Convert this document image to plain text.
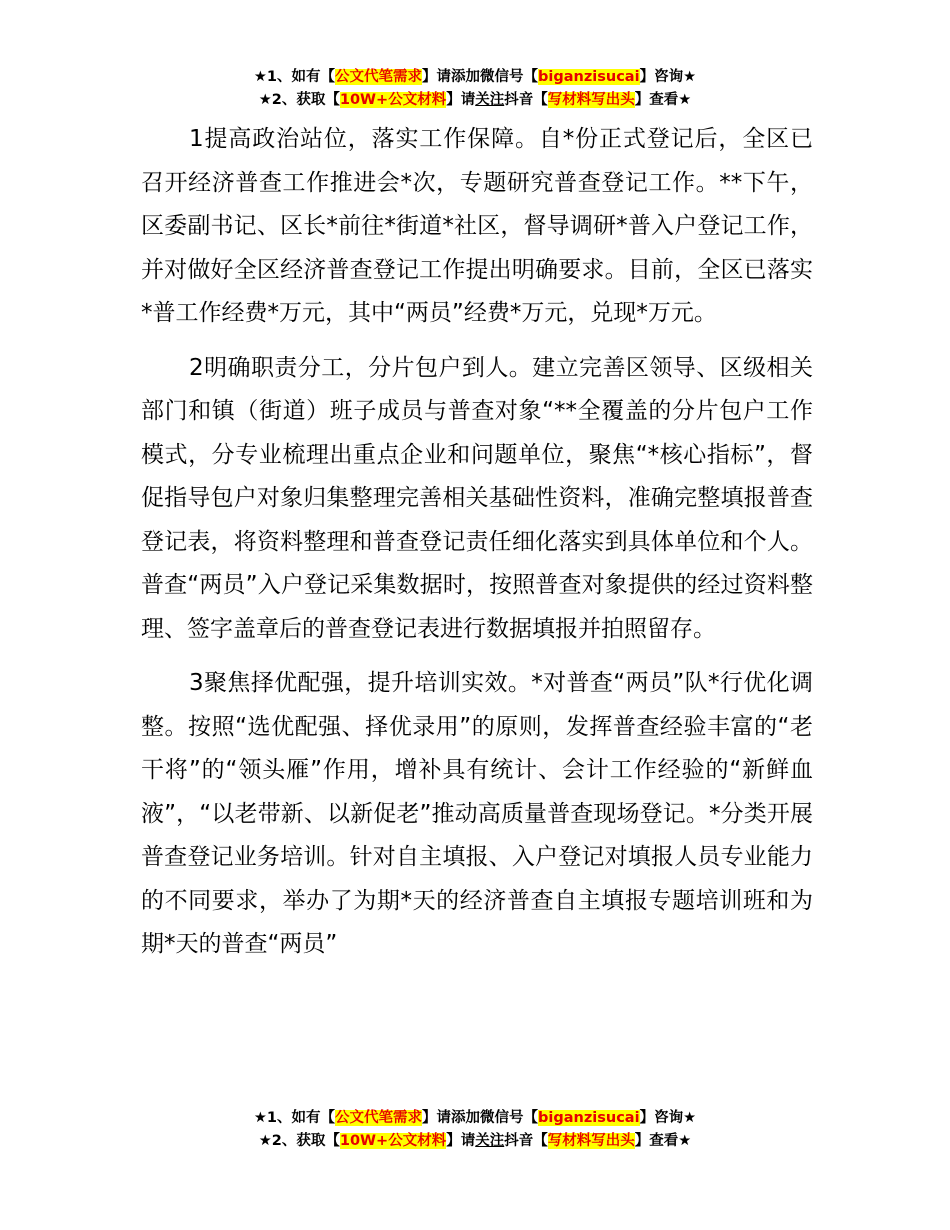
★1、如有【公文代笔需求】请添加微信号【biganzisucai】咨询★
★2、获取【10W+公文材料】请关注抖音【写材料写出头】查看★

1提高政治站位，落实工作保障。自*份正式登记后，全区已召开经济普查工作推进会*次，专题研究普查登记工作。**下午，区委副书记、区长*前往*街道*社区，督导调研*普入户登记工作，并对做好全区经济普查登记工作提出明确要求。目前，全区已落实*普工作经费*万元，其中“两员”经费*万元，兑现*万元。

2明确职责分工，分片包户到人。建立完善区领导、区级相关部门和镇（街道）班子成员与普查对象“**全覆盖的分片包户工作模式，分专业梳理出重点企业和问题单位，聚焦“*核心指标”，督促指导包户对象归集整理完善相关基础性资料，准确完整填报普查登记表，将资料整理和普查登记责任细化落实到具体单位和个人。普查“两员”入户登记采集数据时，按照普查对象提供的经过资料整理、签字盖章后的普查登记表进行数据填报并拍照留存。

3聚焦择优配强，提升培训实效。*对普查“两员”队*行优化调整。按照“选优配强、择优录用”的原则，发挥普查经验丰富的“老干将”的“领头雁”作用，增补具有统计、会计工作经验的“新鲜血液”，“以老带新、以新促老”推动高质量普查现场登记。*分类开展普查登记业务培训。针对自主填报、入户登记对填报人员专业能力的不同要求，举办了为期*天的经济普查自主填报专题培训班和为期*天的普查“两员”

★1、如有【公文代笔需求】请添加微信号【biganzisucai】咨询★
★2、获取【10W+公文材料】请关注抖音【写材料写出头】查看★
